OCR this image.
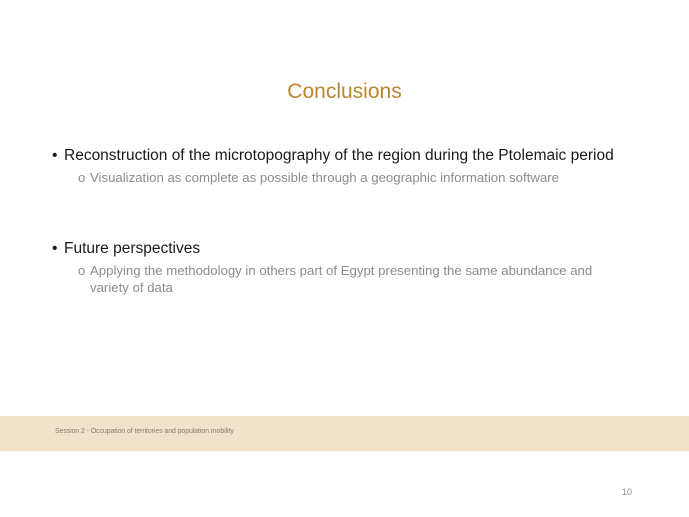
Conclusions
• Reconstruction of the microtopography of the region during the Ptolemaic period
o Visualization as complete as possible through a geographic information software
• Future perspectives
o Applying the methodology in others part of Egypt presenting the same abundance and variety of data
Session 2 - Occupation of territories and population mobility
10
